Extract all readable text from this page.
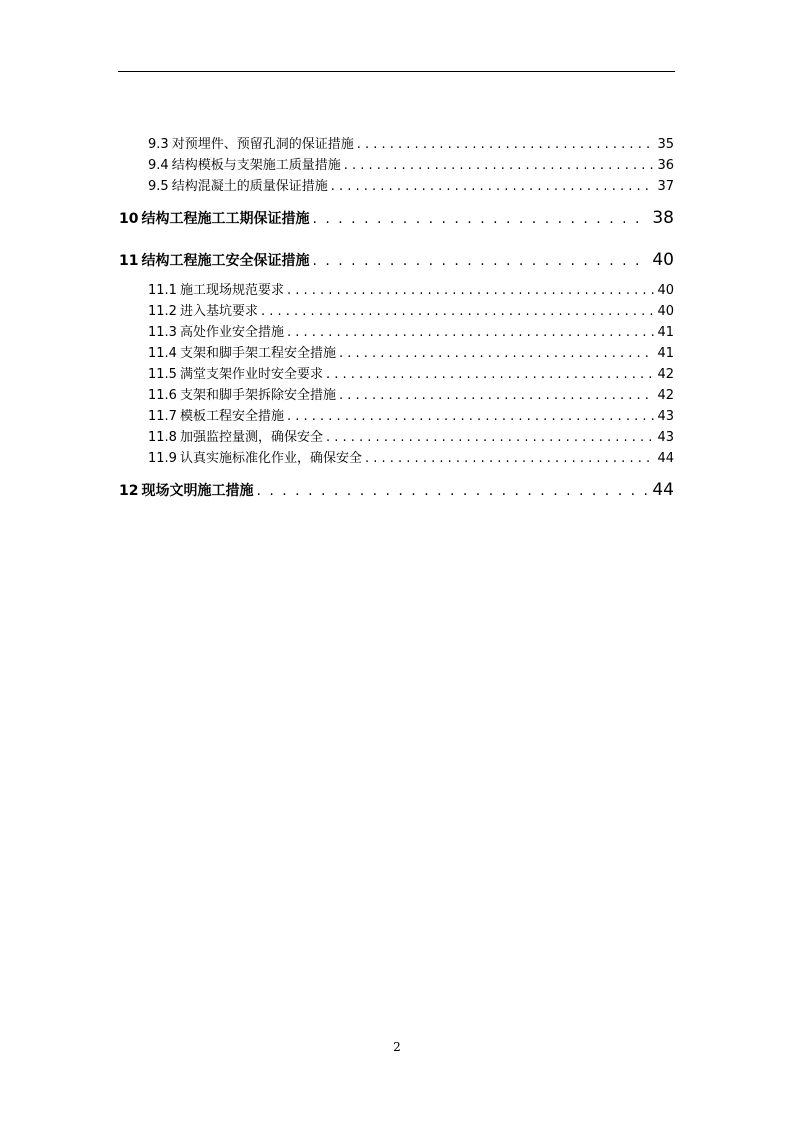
9.3 对预埋件、预留孔洞的保证措施 . . .	35
9.4 结构模板与支架施工质量措施 . . .	36
9.5 结构混凝土的质量保证措施 . . .	37
10 结构工程施工工期保证措施 . . .	38
11 结构工程施工安全保证措施 . . .	40
11.1 施工现场规范要求 . . .	40
11.2 进入基坑要求 . . .	40
11.3 高处作业安全措施 . . .	41
11.4 支架和脚手架工程安全措施 . . .	41
11.5 满堂支架作业时安全要求 . . .	42
11.6 支架和脚手架拆除安全措施 . . .	42
11.7 模板工程安全措施 . . .	43
11.8 加强监控量测，确保安全 . . .	43
11.9 认真实施标准化作业，确保安全 . . .	44
12 现场文明施工措施 . . .	44
2
